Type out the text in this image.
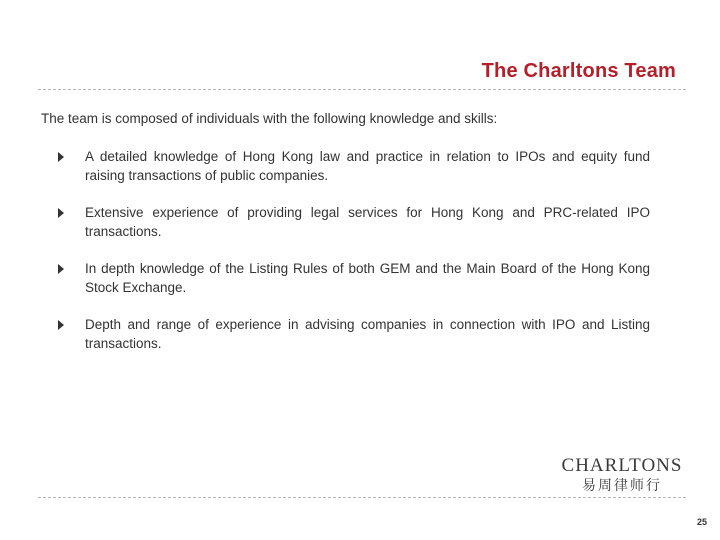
The Charltons Team
The team is composed of individuals with the following knowledge and skills:
A detailed knowledge of Hong Kong law and practice in relation to IPOs and equity fund raising transactions of public companies.
Extensive experience of providing legal services for Hong Kong and PRC-related IPO transactions.
In depth knowledge of the Listing Rules of both GEM and the Main Board of the Hong Kong Stock Exchange.
Depth and range of experience in advising companies in connection with IPO and Listing transactions.
CHARLTONS
易周律师行
25
